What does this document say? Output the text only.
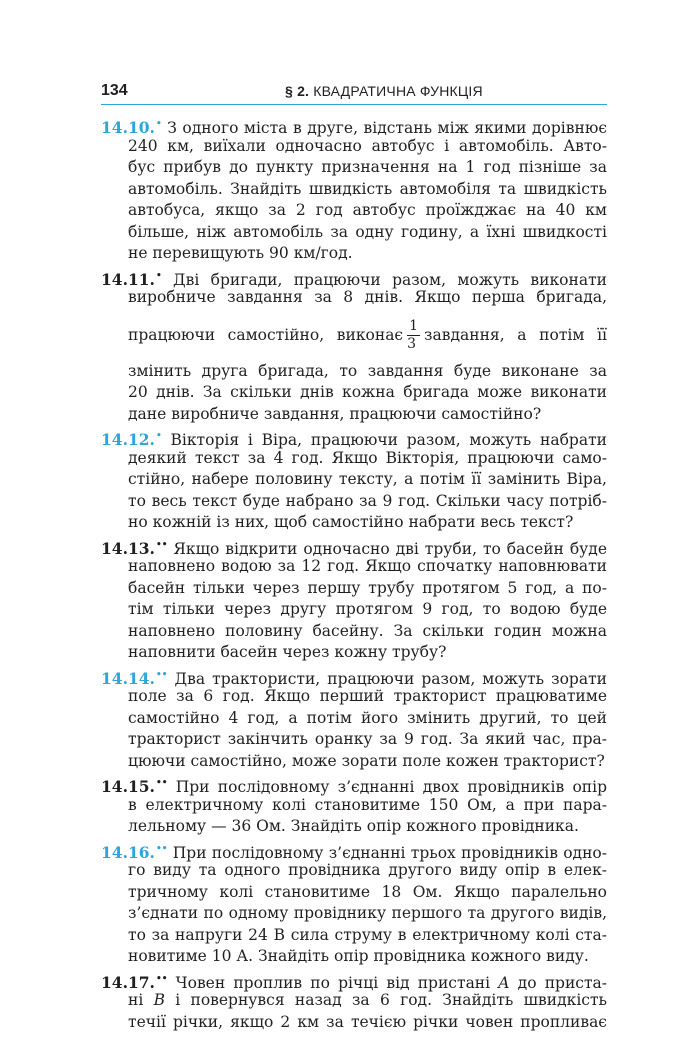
134	§ 2. КВАДРАТИЧНА ФУНКЦІЯ
14.10.• З одного міста в друге, відстань між якими дорівнює
240 км, виїхали одночасно автобус і автомобіль. Авто-
бус прибув до пункту призначення на 1 год пізніше за
автомобіль. Знайдіть швидкість автомобіля та швидкість
автобуса, якщо за 2 год автобус проїжджає на 40 км
більше, ніж автомобіль за одну годину, а їхні швидкості
не перевищують 90 км/год.
14.11.• Дві бригади, працюючи разом, можуть виконати
виробниче завдання за 8 днів. Якщо перша бригада,
працюючи самостійно, виконає $\frac{1}{3}$ завдання, а потім її
змінить друга бригада, то завдання буде виконане за
20 днів. За скільки днів кожна бригада може виконати
дане виробниче завдання, працюючи самостійно?
14.12.• Вікторія і Віра, працюючи разом, можуть набрати
деякий текст за 4 год. Якщо Вікторія, працюючи само-
стійно, набере половину тексту, а потім її замінить Віра,
то весь текст буде набрано за 9 год. Скільки часу потріб-
но кожній із них, щоб самостійно набрати весь текст?
14.13.•• Якщо відкрити одночасно дві труби, то басейн буде
наповнено водою за 12 год. Якщо спочатку наповнювати
басейн тільки через першу трубу протягом 5 год, а по-
тім тільки через другу протягом 9 год, то водою буде
наповнено половину басейну. За скільки годин можна
наповнити басейн через кожну трубу?
14.14.•• Два трактористи, працюючи разом, можуть зорати
поле за 6 год. Якщо перший тракторист працюватиме
самостійно 4 год, а потім його змінить другий, то цей
тракторист закінчить оранку за 9 год. За який час, пра-
цюючи самостійно, може зорати поле кожен тракторист?
14.15.•• При послідовному з’єднанні двох провідників опір
в електричному колі становитиме 150 Ом, а при пара-
лельному — 36 Ом. Знайдіть опір кожного провідника.
14.16.•• При послідовному з’єднанні трьох провідників одно-
го виду та одного провідника другого виду опір в елек-
тричному колі становитиме 18 Ом. Якщо паралельно
з’єднати по одному провіднику першого та другого видів,
то за напруги 24 В сила струму в електричному колі ста-
новитиме 10 А. Знайдіть опір провідника кожного виду.
14.17.•• Човен проплив по річці від пристані A до приста-
ні B і повернувся назад за 6 год. Знайдіть швидкість
течії річки, якщо 2 км за течією річки човен пропливає
